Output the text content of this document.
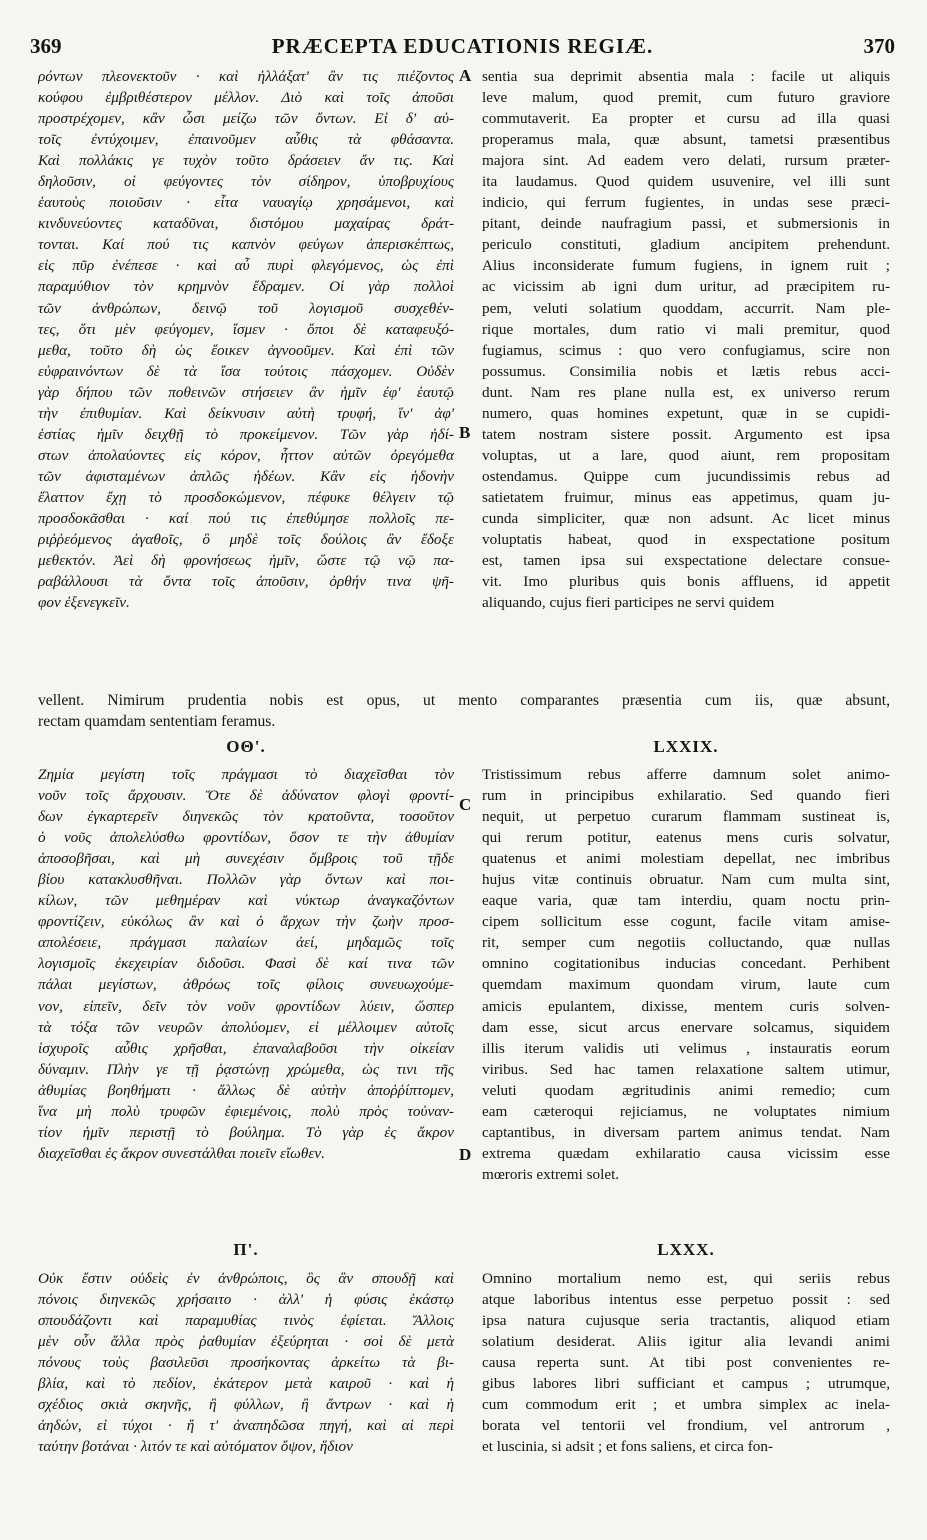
369	PRÆCEPTA EDUCATIONIS REGIÆ.	370
ρόντων πλεονεκτοῦν · καὶ ἠλλάξατ' ἂν τις πιέζοντος
κούφου ἐμβριθέστερον μέλλον. Διὸ καὶ τοῖς ἀποῦσι
προστρέχομεν, κἂν ὦσι μείζω τῶν ὄντων. Εἰ δ' αὐ-
τοῖς ἐντύχοιμεν, ἐπαινοῦμεν αὖθις τὰ φθάσαντα.
Καὶ πολλάκις γε τυχὸν τοῦτο δράσειεν ἄν τις. Καὶ
δηλοῦσιν, οἱ φεύγοντες τὸν σίδηρον, ὑποβρυχίους
ἑαυτοὺς ποιοῦσιν · εἶτα ναυαγίῳ χρησάμενοι, καὶ
κινδυνεύοντες καταδῦναι, διστόμου μαχαίρας δράτ-
τονται. Καί πού τις καπνὸν φεύγων ἀπερισκέπτως,
εἰς πῦρ ἐνέπεσε · καὶ αὖ πυρὶ φλεγόμενος, ὡς ἐπὶ
παραμύθιον τὸν κρημνὸν ἔδραμεν. Οἱ γὰρ πολλοὶ
τῶν ἀνθρώπων, δεινῷ τοῦ λογισμοῦ συσχεθέν-
τες, ὅτι μὲν φεύγομεν, ἴσμεν · ὅποι δὲ καταφευξό-
μεθα, τοῦτο δὴ ὡς ἔοικεν ἀγνοοῦμεν. Καὶ ἐπὶ τῶν
εὐφραινόντων δὲ τὰ ἴσα τούτοις πάσχομεν. Οὐδὲν
γὰρ δήπου τῶν ποθεινῶν στήσειεν ἂν ἡμῖν ἐφ' ἑαυτῷ
τὴν ἐπιθυμίαν. Καὶ δείκνυσιν αὐτὴ τρυφή, ἵν' ἀφ'
ἑστίας ἡμῖν δειχθῇ τὸ προκείμενον. Τῶν γὰρ ἡδί-
στων ἀπολαύοντες εἰς κόρον, ἧττον αὐτῶν ὀρεγόμεθα
τῶν ἀφισταμένων ἁπλῶς ἡδέων. Κἂν εἰς ἡδονὴν
ἔλαττον ἔχῃ τὸ προσδοκώμενον, πέφυκε θέλγειν τῷ
προσδοκᾶσθαι · καί πού τις ἐπεθύμησε πολλοῖς πε-
ριῤῥεόμενος ἀγαθοῖς, ὃ μηδὲ τοῖς δούλοις ἂν ἔδοξε
μεθεκτόν. Ἀεὶ δὴ φρονήσεως ἡμῖν, ὥστε τῷ νῷ πα-
ραβάλλουσι τὰ ὄντα τοῖς ἀποῦσιν, ὀρθήν τινα ψῆ-
φον ἐξενεγκεῖν.
sentia sua deprimit absentia mala : facile ut aliquis
leve malum, quod premit, cum futuro graviore
commutaverit. Ea propter et cursu ad illa quasi
properamus mala, quæ absunt, tametsi præsentibus
majora sint. Ad eadem vero delati, rursum præter-
ita laudamus. Quod quidem usuvenire, vel illi sunt
indicio, qui ferrum fugientes, in undas sese præci-
pitant, deinde naufragium passi, et submersionis in
periculo constituti, gladium ancipitem prehendunt.
Alius inconsiderate fumum fugiens, in ignem ruit ;
ac vicissim ab igni dum uritur, ad præcipitem ru-
pem, veluti solatium quoddam, accurrit. Nam ple-
rique mortales, dum ratio vi mali premitur, quod
fugiamus, scimus : quo vero confugiamus, scire non
possumus. Consimilia nobis et lætis rebus acci-
dunt. Nam res plane nulla est, ex universo rerum
numero, quas homines expetunt, quæ in se cupidi-
tatem nostram sistere possit. Argumento est ipsa
voluptas, ut a lare, quod aiunt, rem propositam
ostendamus. Quippe cum jucundissimis rebus ad
satietatem fruimur, minus eas appetimus, quam ju-
cunda simpliciter, quæ non adsunt. Ac licet minus
voluptatis habeat, quod in exspectatione positum
est, tamen ipsa sui exspectatione delectare consue-
vit. Imo pluribus quis bonis affluens, id appetit
aliquando, cujus fieri participes ne servi quidem
vellent. Nimirum prudentia nobis est opus, ut mento comparantes præsentia cum iis, quæ absunt,
rectam quamdam sententiam feramus.
ΟΘ'.	LXXIX.
Ζημία μεγίστη τοῖς πράγμασι τὸ διαχεῖσθαι τὸν
νοῦν τοῖς ἄρχουσιν. Ὅτε δὲ ἀδύνατον φλογὶ φροντί-
δων ἐγκαρτερεῖν διηνεκῶς τὸν κρατοῦντα, τοσοῦτον
ὁ νοῦς ἀπολελύσθω φροντίδων, ὅσον τε τὴν ἀθυμίαν
ἀποσοβῆσαι, καὶ μὴ συνεχέσιν ὄμβροις τοῦ τῇδε
βίου κατακλυσθῆναι. Πολλῶν γὰρ ὄντων καὶ ποι-
κίλων, τῶν μεθημέραν καὶ νύκτωρ ἀναγκαζόντων
φροντίζειν, εὐκόλως ἂν καὶ ὁ ἄρχων τὴν ζωὴν προσ-
απολέσειε, πράγμασι παλαίων ἀεί, μηδαμῶς τοῖς
λογισμοῖς ἐκεχειρίαν διδοῦσι. Φασὶ δὲ καί τινα τῶν
πάλαι μεγίστων, ἀθρόως τοῖς φίλοις συνευωχούμε-
νον, εἰπεῖν, δεῖν τὸν νοῦν φροντίδων λύειν, ὥσπερ
τὰ τόξα τῶν νευρῶν ἀπολύομεν, εἰ μέλλοιμεν αὐτοῖς
ἰσχυροῖς αὖθις χρῆσθαι, ἐπαναλαβοῦσι τὴν οἰκείαν
δύναμιν. Πλὴν γε τῇ ῥᾳστώνῃ χρώμεθα, ὡς τινι τῆς
ἀθυμίας βοηθήματι · ἄλλως δὲ αὐτὴν ἀποῤῥίπτομεν,
ἵνα μὴ πολὺ τρυφῶν ἐφιεμένοις, πολὺ πρὸς τοὐναν-
τίον ἡμῖν περιστῇ τὸ βούλημα. Τὸ γὰρ ἐς ἄκρον
διαχεῖσθαι ἐς ἄκρον συνεστάλθαι ποιεῖν εἴωθεν.
Tristissimum rebus afferre damnum solet animo-
rum in principibus exhilaratio. Sed quando fieri
nequit, ut perpetuo curarum flammam sustineat is,
qui rerum potitur, eatenus mens curis solvatur,
quatenus et animi molestiam depellat, nec imbribus
hujus vitæ continuis obruatur. Nam cum multa sint,
eaque varia, quæ tam interdiu, quam noctu prin-
cipem sollicitum esse cogunt, facile vitam amise-
rit, semper cum negotiis colluctando, quæ nullas
omnino cogitationibus inducias concedant. Perhibent
quemdam maximum quondam virum, laute cum
amicis epulantem, dixisse, mentem curis solven-
dam esse, sicut arcus enervare solcamus, siquidem
illis iterum validis uti velimus , instauratis eorum
viribus. Sed hac tamen relaxatione saltem utimur,
veluti quodam ægritudinis animi remedio; cum
eam cæteroqui rejiciamus, ne voluptates nimium
captantibus, in diversam partem animus tendat. Nam
extrema quædam exhilaratio causa vicissim esse
mœroris extremi solet.
Π'.	LXXX.
Οὐκ ἔστιν οὐδεὶς ἐν ἀνθρώποις, ὃς ἂν σπουδῇ καὶ
πόνοις διηνεκῶς χρήσαιτο · ἀλλ' ἡ φύσις ἑκάστῳ
σπουδάζοντι καὶ παραμυθίας τινὸς ἐφίεται. Ἄλλοις
μὲν οὖν ἄλλα πρὸς ῥαθυμίαν ἐξεύρηται · σοὶ δὲ μετὰ
πόνους τοὺς βασιλεῦσι προσήκοντας ἀρκείτω τὰ βι-
βλία, καὶ τὸ πεδίον, ἑκάτερον μετὰ καιροῦ · καὶ ἡ
σχέδιος σκιὰ σκηνῆς, ἢ φύλλων, ἢ ἄντρων · καὶ ἡ
ἀηδών, εἰ τύχοι · ἥ τ' ἀναπηδῶσα πηγή, καὶ αἱ περὶ
ταύτην βοτάναι · λιτόν τε καὶ αὐτόματον ὄψον, ἥδιον
Omnino mortalium nemo est, qui seriis rebus
atque laboribus intentus esse perpetuo possit : sed
ipsa natura cujusque seria tractantis, aliquod etiam
solatium desiderat. Aliis igitur alia levandi animi
causa reperta sunt. At tibi post convenientes re-
gibus labores libri sufficiant et campus ; utrumque,
cum commodum erit ; et umbra simplex ac inela-
borata vel tentorii vel frondium, vel antrorum ,
et luscinia, si adsit ; et fons saliens, et circa fon-
A
B
C
D
